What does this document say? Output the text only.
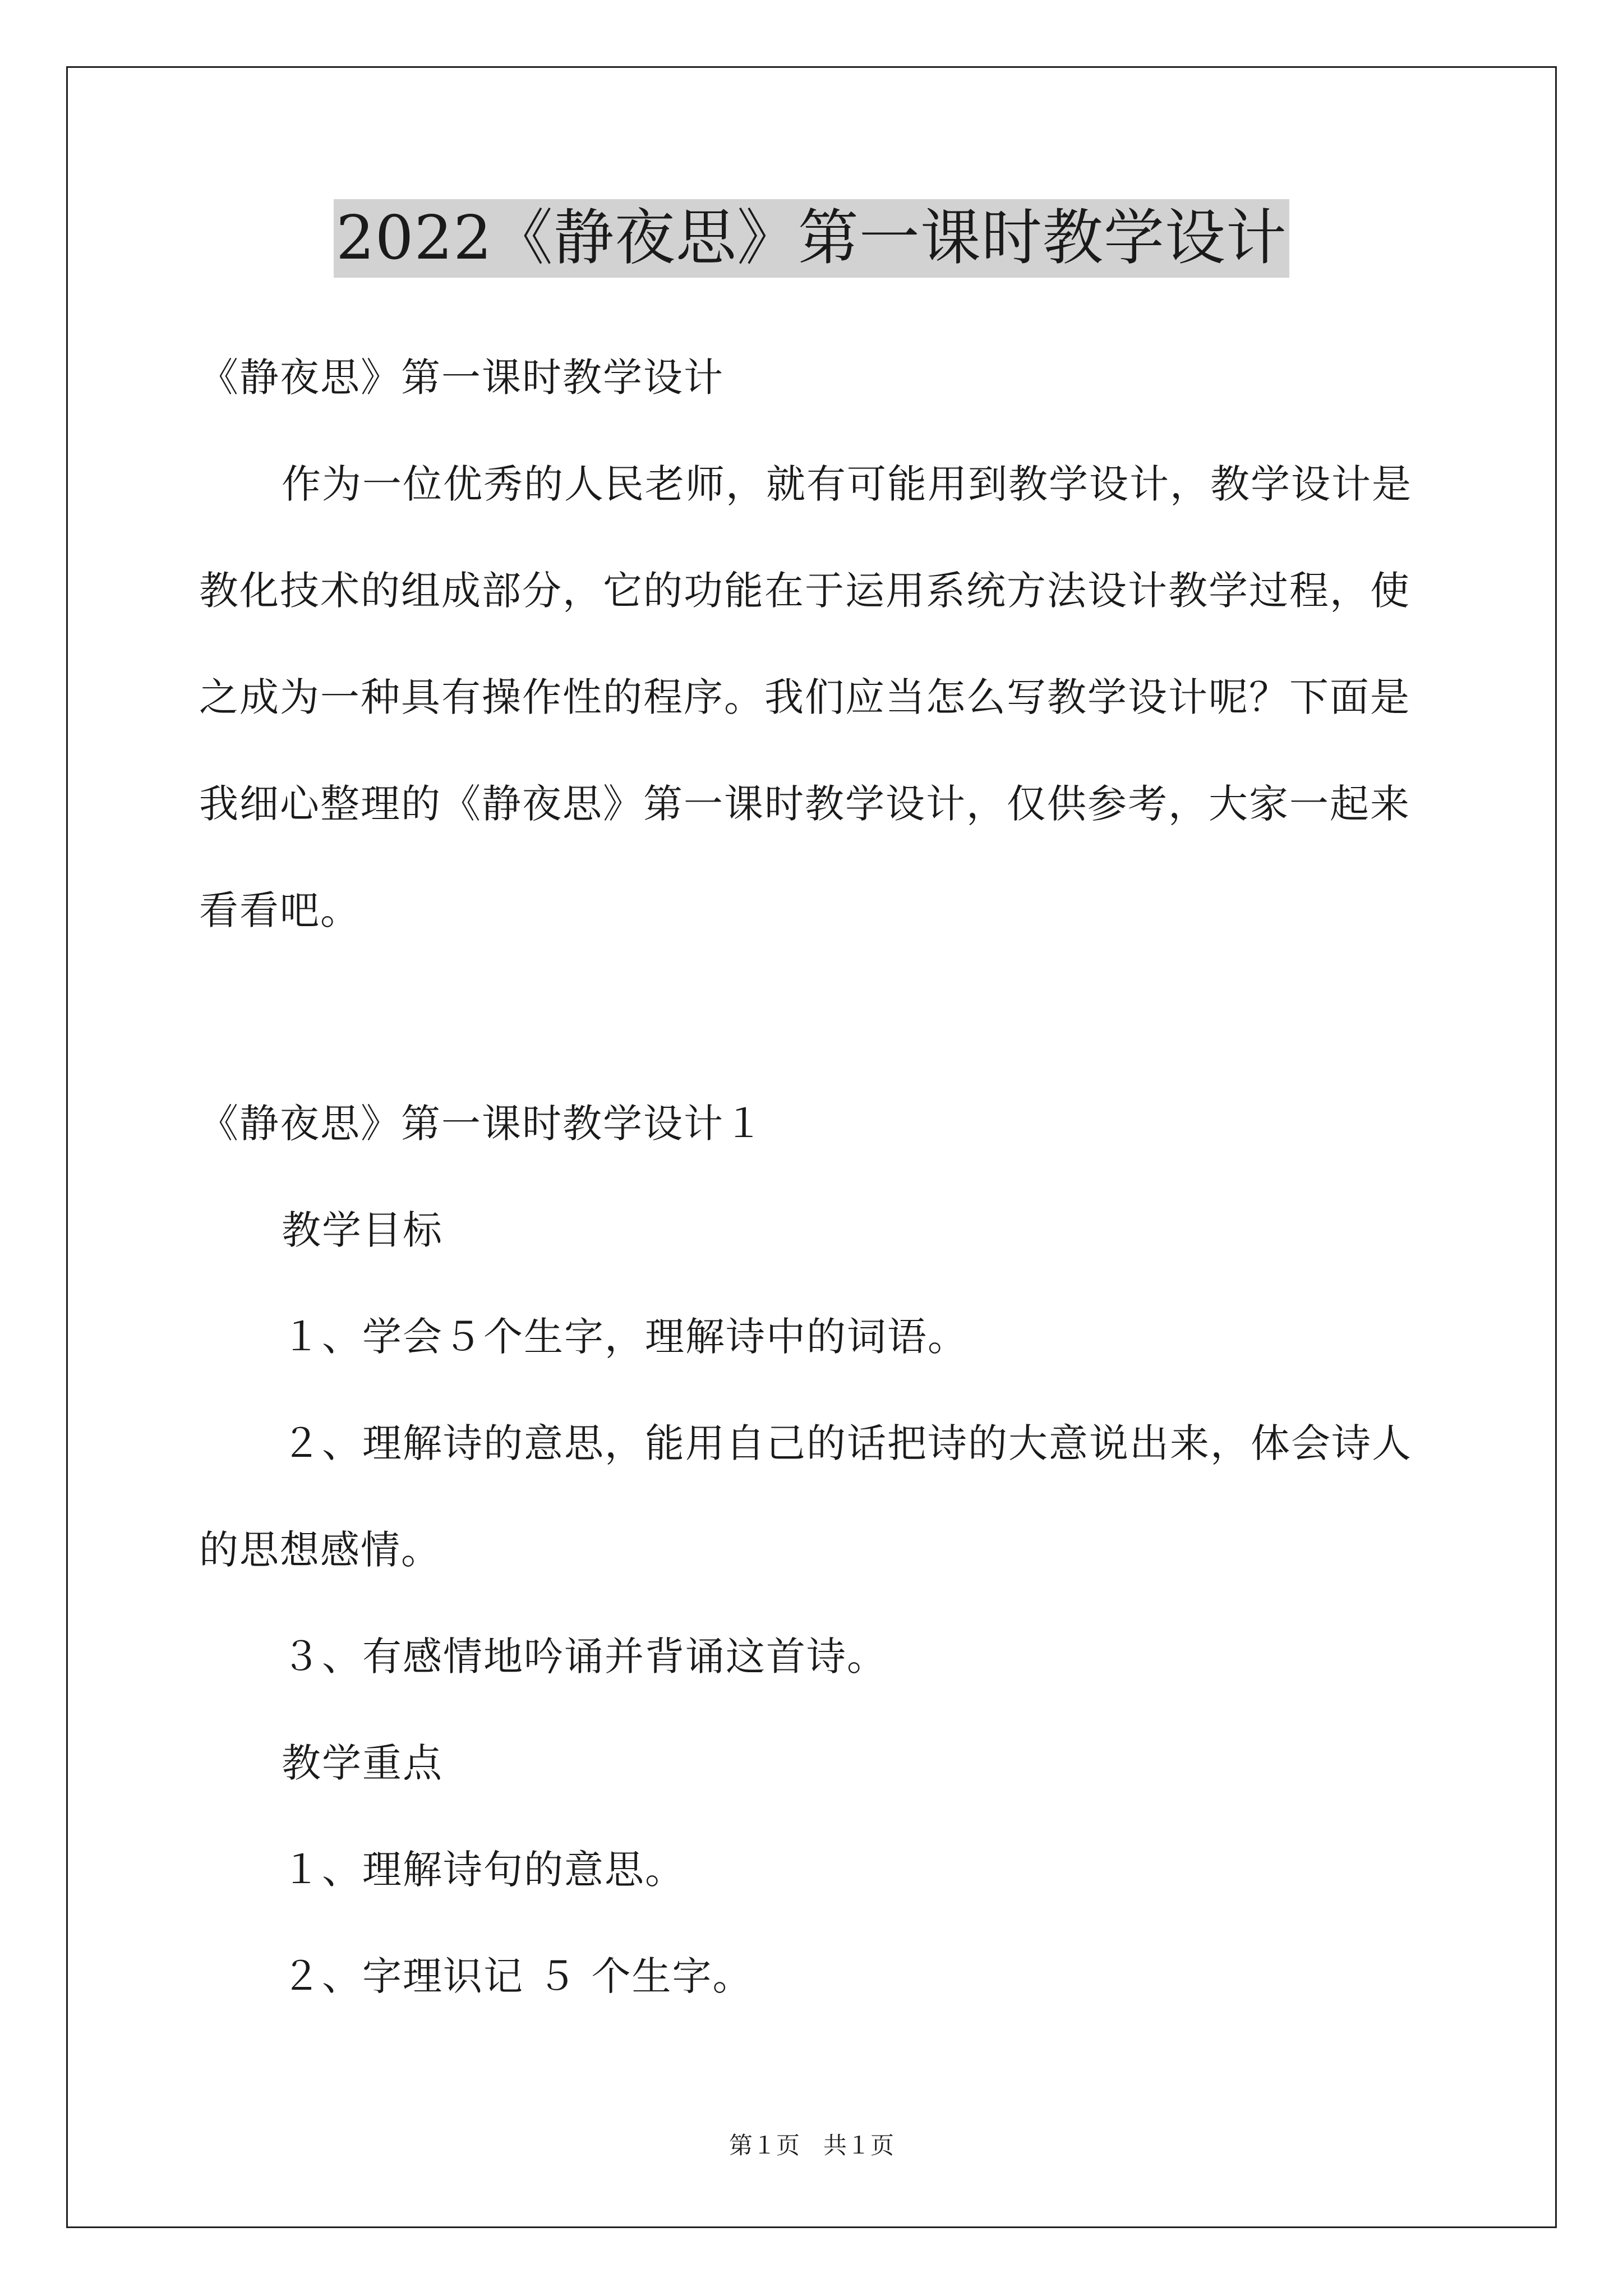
2022《静夜思》第一课时教学设计
《静夜思》第一课时教学设计
作为一位优秀的人民老师，就有可能用到教学设计，教学设计是
教化技术的组成部分，它的功能在于运用系统方法设计教学过程，使
之成为一种具有操作性的程序。我们应当怎么写教学设计呢？下面是
我细心整理的《静夜思》第一课时教学设计，仅供参考，大家一起来
看看吧。
《静夜思》第一课时教学设计１
教学目标
１、学会５个生字，理解诗中的词语。
２、理解诗的意思，能用自己的话把诗的大意说出来，体会诗人
的思想感情。
３、有感情地吟诵并背诵这首诗。
教学重点
１、理解诗句的意思。
２、字理识记 ５ 个生字。
第１页　共１页
